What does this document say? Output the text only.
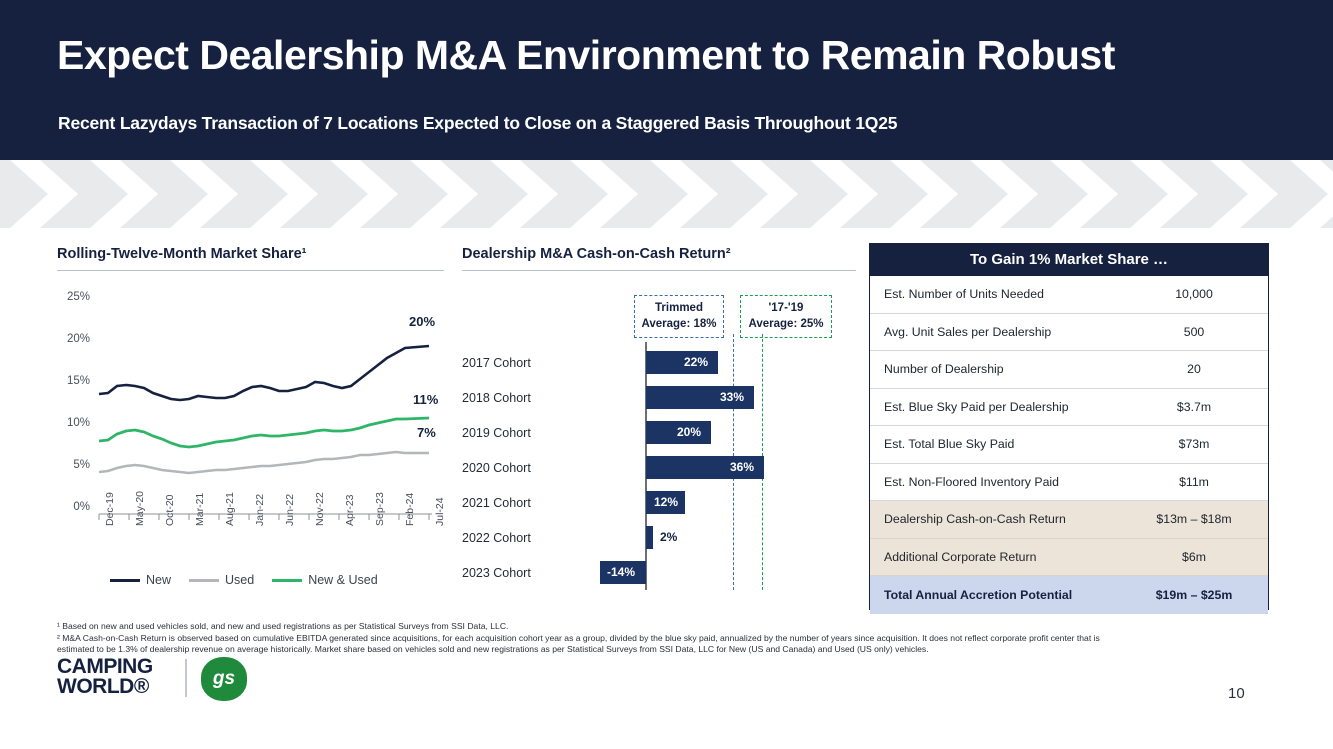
Expect Dealership M&A Environment to Remain Robust
Recent Lazydays Transaction of 7 Locations Expected to Close on a Staggered Basis Throughout 1Q25
Rolling-Twelve-Month Market Share¹
25%
20%
15%
10%
5%
0% Dec-19 May-20 Oct-20 Mar-21 Aug-21 Jan-22 Jun-22 Nov-22 Apr-23 Sep-23 Feb-24 Jul-24
20%
11%
7%
New	Used	New & Used
Dealership M&A Cash-on-Cash Return²
Trimmed
Average: 18%
'17-'19
Average: 25%
2017 Cohort
2018 Cohort
2019 Cohort
2020 Cohort
2021 Cohort
2022 Cohort
2023 Cohort
22%
33%
20%
36%
12%
2%
-14%
To Gain 1% Market Share …
Est. Number of Units Needed	10,000
Avg. Unit Sales per Dealership	500
Number of Dealership	20
Est. Blue Sky Paid per Dealership	$3.7m
Est. Total Blue Sky Paid	$73m
Est. Non-Floored Inventory Paid	$11m
Dealership Cash-on-Cash Return	$13m – $18m
Additional Corporate Return	$6m
Total Annual Accretion Potential	$19m – $25m
¹ Based on new and used vehicles sold, and new and used registrations as per Statistical Surveys from SSI Data, LLC.
² M&A Cash-on-Cash Return is observed based on cumulative EBITDA generated since acquisitions, for each acquisition cohort year as a group, divided by the blue sky paid, annualized by the number of years since acquisition. It does not reflect corporate profit center that is
estimated to be 1.3% of dealership revenue on average historically. Market share based on vehicles sold and new registrations as per Statistical Surveys from SSI Data, LLC for New (US and Canada) and Used (US only) vehicles.
CAMPING
WORLD®	gs
10
